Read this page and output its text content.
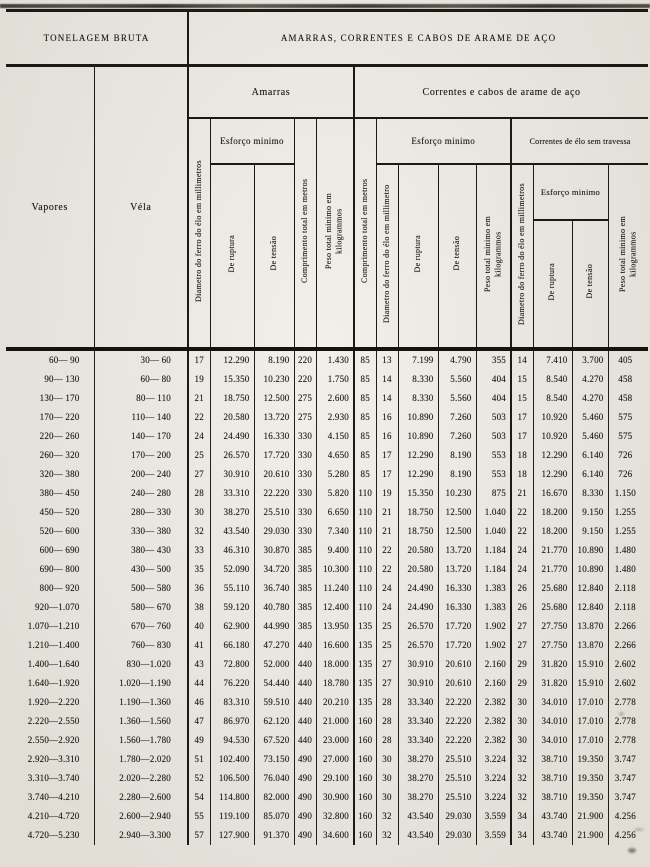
TONELAGEM BRUTA		AMARRAS, CORRENTES E CABOS DE ARAME DE AÇO													
Vapores	Véla	Amarras					Correntes e cabos de arame de aço								
		Diametro do ferro do élo em millimetros	Esforço minimo		Comprimento total em metros	Peso total minimo em kilogrammos	Comprimento total em metros	Esforço minimo				Correntes de élo sem travessa			
			De ruptura	De tensão				Diametro do ferro do élo em millimetro	De ruptura	De tensão	Peso total minimo em kilogrammos	Diametro do ferro do élo em millimetros	Esforço minimo		Peso total minimo em kilogrammos
													De ruptura	De tensão	
60— 90	30— 60	17	12.290	8.190	220	1.430	85	13	7.199	4.790	355	14	7.410	3.700	405
90— 130	60— 80	19	15.350	10.230	220	1.750	85	14	8.330	5.560	404	15	8.540	4.270	458
130— 170	80— 110	21	18.750	12.500	275	2.600	85	14	8.330	5.560	404	15	8.540	4.270	458
170— 220	110— 140	22	20.580	13.720	275	2.930	85	16	10.890	7.260	503	17	10.920	5.460	575
220— 260	140— 170	24	24.490	16.330	330	4.150	85	16	10.890	7.260	503	17	10.920	5.460	575
260— 320	170— 200	25	26.570	17.720	330	4.650	85	17	12.290	8.190	553	18	12.290	6.140	726
320— 380	200— 240	27	30.910	20.610	330	5.280	85	17	12.290	8.190	553	18	12.290	6.140	726
380— 450	240— 280	28	33.310	22.220	330	5.820	110	19	15.350	10.230	875	21	16.670	8.330	1.150
450— 520	280— 330	30	38.270	25.510	330	6.650	110	21	18.750	12.500	1.040	22	18.200	9.150	1.255
520— 600	330— 380	32	43.540	29.030	330	7.340	110	21	18.750	12.500	1.040	22	18.200	9.150	1.255
600— 690	380— 430	33	46.310	30.870	385	9.400	110	22	20.580	13.720	1.184	24	21.770	10.890	1.480
690— 800	430— 500	35	52.090	34.720	385	10.300	110	22	20.580	13.720	1.184	24	21.770	10.890	1.480
800— 920	500— 580	36	55.110	36.740	385	11.240	110	24	24.490	16.330	1.383	26	25.680	12.840	2.118
920—1.070	580— 670	38	59.120	40.780	385	12.400	110	24	24.490	16.330	1.383	26	25.680	12.840	2.118
1.070—1.210	670— 760	40	62.900	44.990	385	13.950	135	25	26.570	17.720	1.902	27	27.750	13.870	2.266
1.210—1.400	760— 830	41	66.180	47.270	440	16.600	135	25	26.570	17.720	1.902	27	27.750	13.870	2.266
1.400—1.640	830—1.020	43	72.800	52.000	440	18.000	135	27	30.910	20.610	2.160	29	31.820	15.910	2.602
1.640—1.920	1.020—1.190	44	76.220	54.440	440	18.780	135	27	30.910	20.610	2.160	29	31.820	15.910	2.602
1.920—2.220	1.190—1.360	46	83.310	59.510	440	20.210	135	28	33.340	22.220	2.382	30	34.010	17.010	2.778
2.220—2.550	1.360—1.560	47	86.970	62.120	440	21.000	160	28	33.340	22.220	2.382	30	34.010	17.010	2.778
2.550—2.920	1.560—1.780	49	94.530	67.520	440	23.000	160	28	33.340	22.220	2.382	30	34.010	17.010	2.778
2.920—3.310	1.780—2.020	51	102.400	73.150	490	27.000	160	30	38.270	25.510	3.224	32	38.710	19.350	3.747
3.310—3.740	2.020—2.280	52	106.500	76.040	490	29.100	160	30	38.270	25.510	3.224	32	38.710	19.350	3.747
3.740—4.210	2.280—2.600	54	114.800	82.000	490	30.900	160	30	38.270	25.510	3.224	32	38.710	19.350	3.747
4.210—4.720	2.600—2.940	55	119.100	85.070	490	32.800	160	32	43.540	29.030	3.559	34	43.740	21.900	4.256
4.720—5.230	2.940—3.300	57	127.900	91.370	490	34.600	160	32	43.540	29.030	3.559	34	43.740	21.900	4.256
